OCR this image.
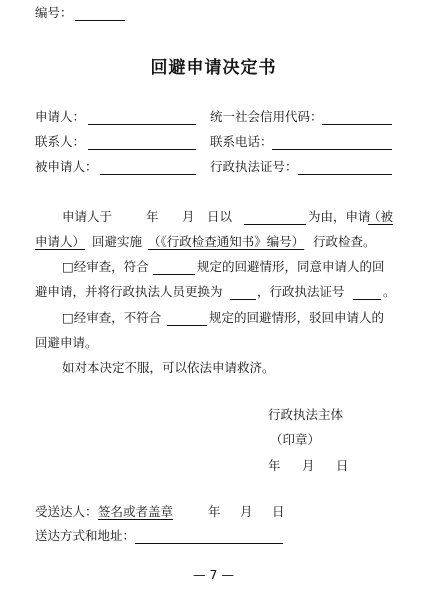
编号：
回避申请决定书
申请人：	统一社会信用代码：
联系人：	联系电话：
被申请人：	行政执法证号：
申请人于	年 月 日以	为由，申请
（被
申请人） 回避实施 （《行政检查通知书》编号） 行政检查。
□经审查，符合	规定的回避情形，同意申请人的回
避申请，并将行政执法人员更换为	，行政执法证号	。
□经审查，不符合	规定的回避情形，驳回申请人的
回避申请。
如对本决定不服，可以依法申请救济。
行政执法主体
（印章）
年 月 日
受送达人： 签名或者盖章	年 月 日
送达方式和地址：
— 7 —
